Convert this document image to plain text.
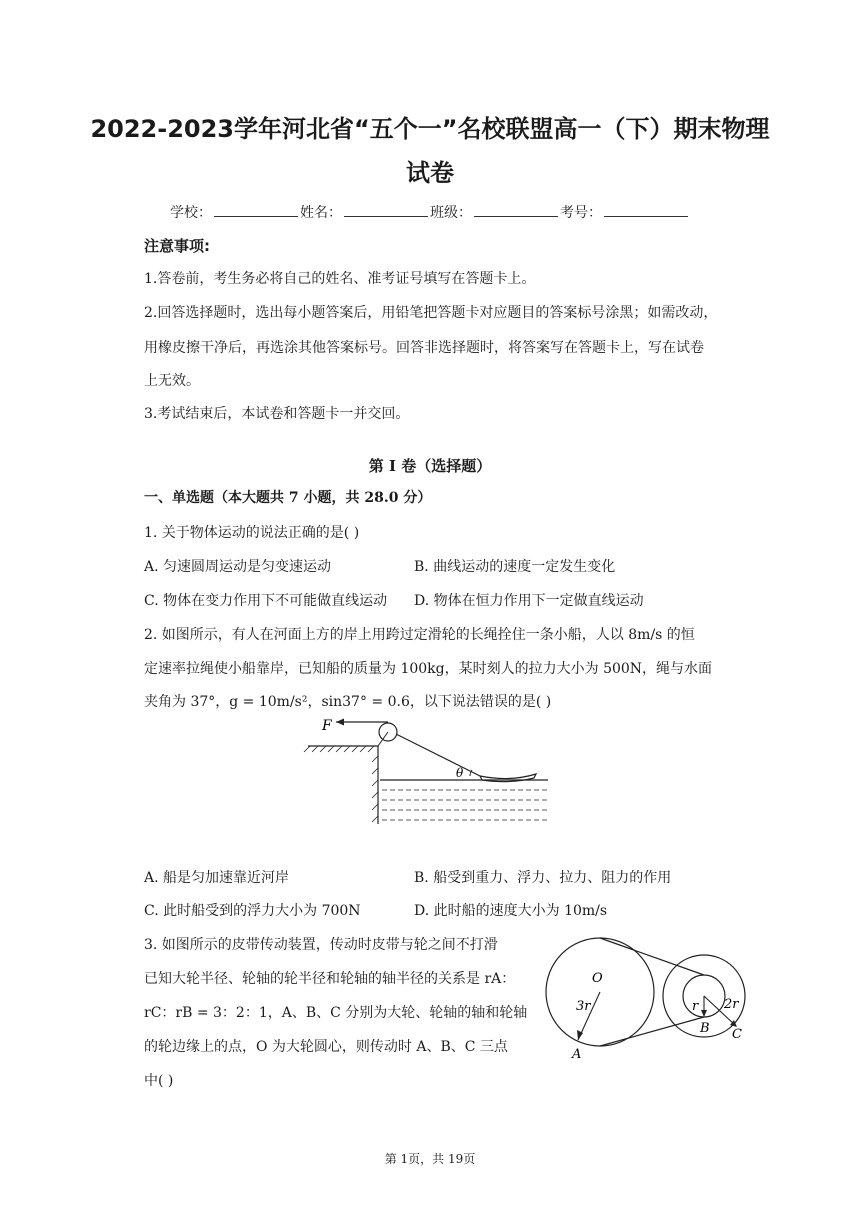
2022-2023学年河北省“五个一”名校联盟高一（下）期末物理
试卷
学校：	姓名：	班级：	考号：
注意事项:
1.答卷前，考生务必将自己的姓名、准考证号填写在答题卡上。
2.回答选择题时，选出每小题答案后，用铅笔把答题卡对应题目的答案标号涂黑；如需改动，
用橡皮擦干净后，再选涂其他答案标号。回答非选择题时，将答案写在答题卡上，写在试卷
上无效。
3.考试结束后，本试卷和答题卡一并交回。
第 I 卷（选择题）
一、单选题（本大题共 7 小题，共 28.0 分）
1. 关于物体运动的说法正确的是( )
A. 匀速圆周运动是匀变速运动	B. 曲线运动的速度一定发生变化
C. 物体在变力作用下不可能做直线运动 D. 物体在恒力作用下一定做直线运动
2. 如图所示，有人在河面上方的岸上用跨过定滑轮的长绳拴住一条小船，人以 8m/s 的恒
定速率拉绳使小船靠岸，已知船的质量为 100kg，某时刻人的拉力大小为 500N，绳与水面
夹角为 37°，g = 10m/s²，sin37° = 0.6，以下说法错误的是( )
F
θ
A. 船是匀加速靠近河岸	B. 船受到重力、浮力、拉力、阻力的作用
C. 此时船受到的浮力大小为 700N	D. 此时船的速度大小为 10m/s
3. 如图所示的皮带传动装置，传动时皮带与轮之间不打滑
已知大轮半径、轮轴的轮半径和轮轴的轴半径的关系是 rA：
rC：rB = 3：2：1，A、B、C 分别为大轮、轮轴的轴和轮轴
的轮边缘上的点，O 为大轮圆心，则传动时 A、B、C 三点
中( )
O
3r	r 2r
A
B C
第 1页，共 19页
